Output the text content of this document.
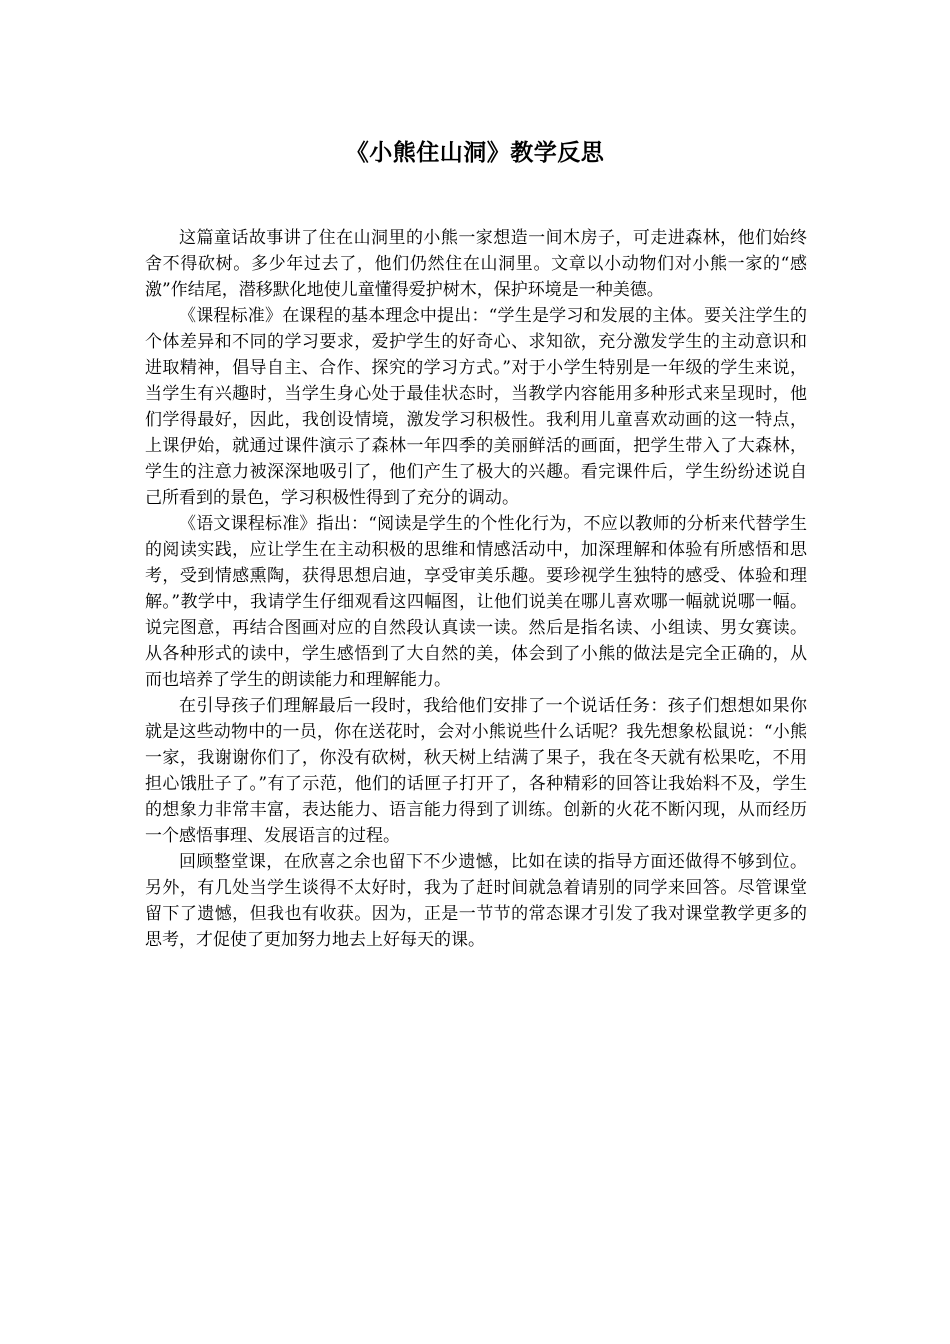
《小熊住山洞》教学反思

这篇童话故事讲了住在山洞里的小熊一家想造一间木房子，可走进森林，他们始终舍不得砍树。多少年过去了，他们仍然住在山洞里。文章以小动物们对小熊一家的“感激”作结尾，潜移默化地使儿童懂得爱护树木，保护环境是一种美德。

《课程标准》在课程的基本理念中提出：“学生是学习和发展的主体。要关注学生的个体差异和不同的学习要求，爱护学生的好奇心、求知欲，充分激发学生的主动意识和进取精神，倡导自主、合作、探究的学习方式。”对于小学生特别是一年级的学生来说，当学生有兴趣时，当学生身心处于最佳状态时，当教学内容能用多种形式来呈现时，他们学得最好，因此，我创设情境，激发学习积极性。我利用儿童喜欢动画的这一特点，上课伊始，就通过课件演示了森林一年四季的美丽鲜活的画面，把学生带入了大森林，学生的注意力被深深地吸引了，他们产生了极大的兴趣。看完课件后，学生纷纷述说自己所看到的景色，学习积极性得到了充分的调动。

《语文课程标准》指出：“阅读是学生的个性化行为，不应以教师的分析来代替学生的阅读实践，应让学生在主动积极的思维和情感活动中，加深理解和体验有所感悟和思考，受到情感熏陶，获得思想启迪，享受审美乐趣。要珍视学生独特的感受、体验和理解。”教学中，我请学生仔细观看这四幅图，让他们说美在哪儿喜欢哪一幅就说哪一幅。说完图意，再结合图画对应的自然段认真读一读。然后是指名读、小组读、男女赛读。从各种形式的读中，学生感悟到了大自然的美，体会到了小熊的做法是完全正确的，从而也培养了学生的朗读能力和理解能力。

在引导孩子们理解最后一段时，我给他们安排了一个说话任务：孩子们想想如果你就是这些动物中的一员，你在送花时，会对小熊说些什么话呢？我先想象松鼠说：“小熊一家，我谢谢你们了，你没有砍树，秋天树上结满了果子，我在冬天就有松果吃，不用担心饿肚子了。”有了示范，他们的话匣子打开了，各种精彩的回答让我始料不及，学生的想象力非常丰富，表达能力、语言能力得到了训练。创新的火花不断闪现，从而经历一个感悟事理、发展语言的过程。

回顾整堂课，在欣喜之余也留下不少遗憾，比如在读的指导方面还做得不够到位。另外，有几处当学生谈得不太好时，我为了赶时间就急着请别的同学来回答。尽管课堂留下了遗憾，但我也有收获。因为，正是一节节的常态课才引发了我对课堂教学更多的思考，才促使了更加努力地去上好每天的课。
